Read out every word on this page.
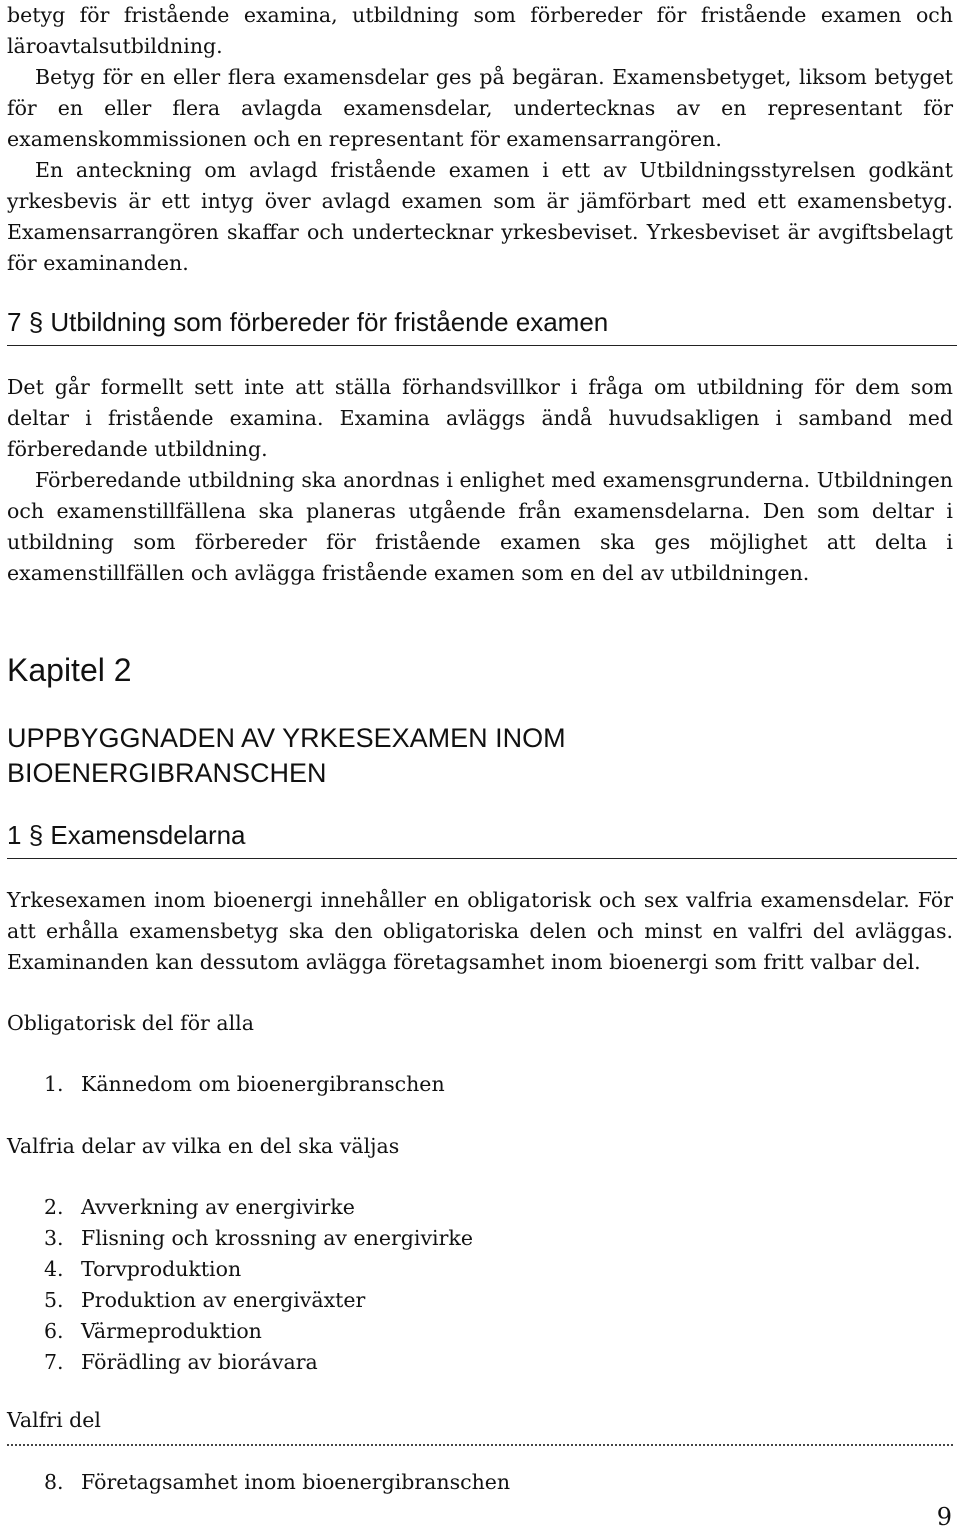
betyg för fristående examina, utbildning som förbereder för fristående examen och läroavtalsutbildning.

Betyg för en eller flera examensdelar ges på begäran. Examensbetyget, liksom betyget för en eller flera avlagda examensdelar, undertecknas av en representant för examenskommissionen och en representant för examensarrangören.

En anteckning om avlagd fristående examen i ett av Utbildningsstyrelsen godkänt yrkesbevis är ett intyg över avlagd examen som är jämförbart med ett examensbetyg. Examensarrangören skaffar och undertecknar yrkesbeviset. Yrkesbeviset är avgiftsbelagt för examinanden.

7 § Utbildning som förbereder för fristående examen

Det går formellt sett inte att ställa förhandsvillkor i fråga om utbildning för dem som deltar i fristående examina. Examina avläggs ändå huvudsakligen i samband med förberedande utbildning.

Förberedande utbildning ska anordnas i enlighet med examensgrunderna. Utbildningen och examenstillfällena ska planeras utgående från examensdelarna. Den som deltar i utbildning som förbereder för fristående examen ska ges möjlighet att delta i examenstillfällen och avlägga fristående examen som en del av utbildningen.

Kapitel 2
UPPBYGGNADEN AV YRKESEXAMEN INOM
BIOENERGIBRANSCHEN
1 § Examensdelarna

Yrkesexamen inom bioenergi innehåller en obligatorisk och sex valfria examensdelar. För att erhålla examensbetyg ska den obligatoriska delen och minst en valfri del avläggas. Examinanden kan dessutom avlägga företagsamhet inom bioenergi som fritt valbar del.

Obligatorisk del för alla
1. Kännedom om bioenergibranschen
Valfria delar av vilka en del ska väljas
2. Avverkning av energivirke
3. Flisning och krossning av energivirke
4. Torvproduktion
5. Produktion av energiväxter
6. Värmeproduktion
7. Förädling av biorávara
Valfri del
8. Företagsamhet inom bioenergibranschen
9
